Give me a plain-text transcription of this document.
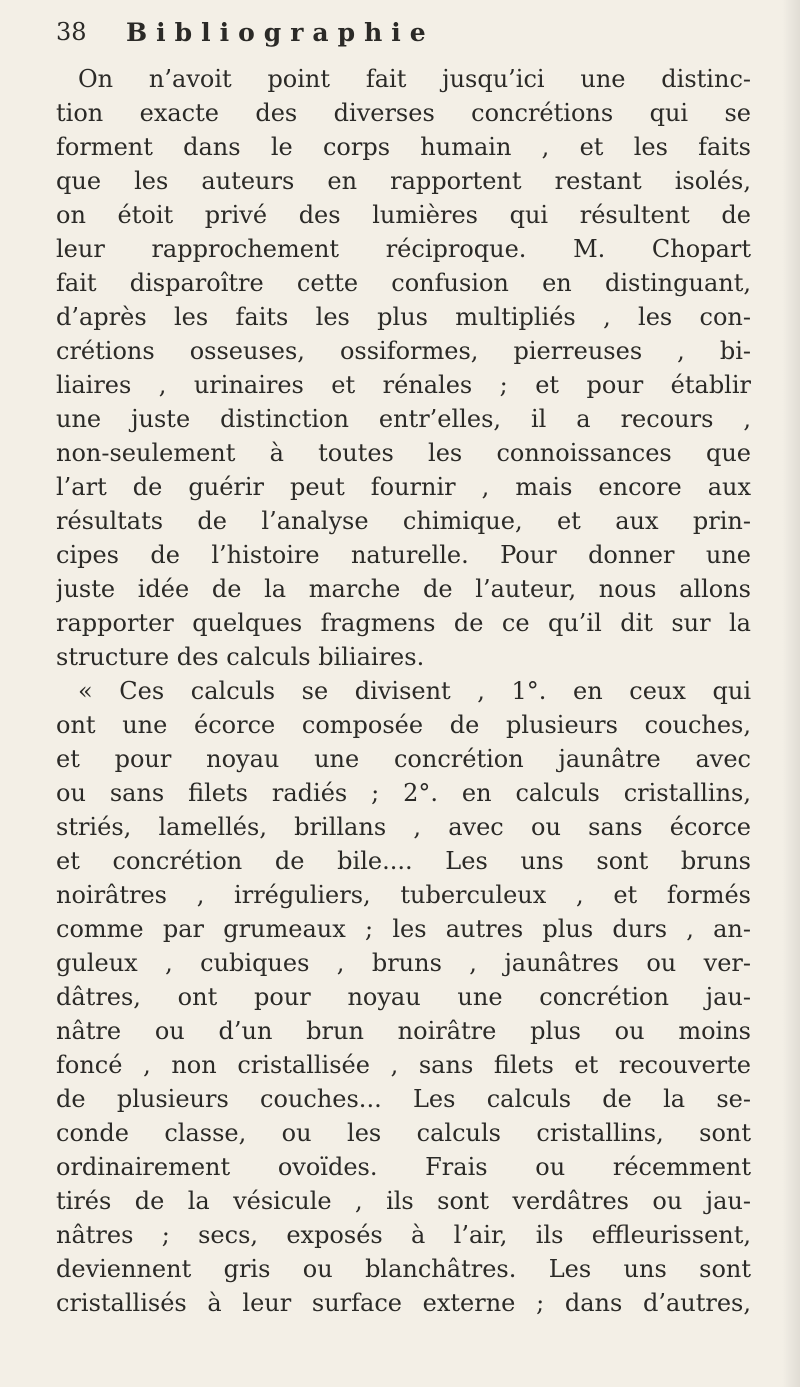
38	Bibliographie
On n’avoit point fait jusqu’ici une distinc-
tion exacte des diverses concrétions qui se
forment dans le corps humain , et les faits
que les auteurs en rapportent restant isolés,
on étoit privé des lumières qui résultent de
leur rapprochement réciproque. M. Chopart
fait disparoître cette confusion en distinguant,
d’après les faits les plus multipliés , les con-
crétions osseuses, ossiformes, pierreuses , bi-
liaires , urinaires et rénales ; et pour établir
une juste distinction entr’elles, il a recours ,
non-seulement à toutes les connoissances que
l’art de guérir peut fournir , mais encore aux
résultats de l’analyse chimique, et aux prin-
cipes de l’histoire naturelle. Pour donner une
juste idée de la marche de l’auteur, nous allons
rapporter quelques fragmens de ce qu’il dit sur la
structure des calculs biliaires.
« Ces calculs se divisent , 1°. en ceux qui
ont une écorce composée de plusieurs couches,
et pour noyau une concrétion jaunâtre avec
ou sans filets radiés ; 2°. en calculs cristallins,
striés, lamellés, brillans , avec ou sans écorce
et concrétion de bile.... Les uns sont bruns
noirâtres , irréguliers, tuberculeux , et formés
comme par grumeaux ; les autres plus durs , an-
guleux , cubiques , bruns , jaunâtres ou ver-
dâtres, ont pour noyau une concrétion jau-
nâtre ou d’un brun noirâtre plus ou moins
foncé , non cristallisée , sans filets et recouverte
de plusieurs couches... Les calculs de la se-
conde classe, ou les calculs cristallins, sont
ordinairement ovoïdes. Frais ou récemment
tirés de la vésicule , ils sont verdâtres ou jau-
nâtres ; secs, exposés à l’air, ils effleurissent,
deviennent gris ou blanchâtres. Les uns sont
cristallisés à leur surface externe ; dans d’autres,
